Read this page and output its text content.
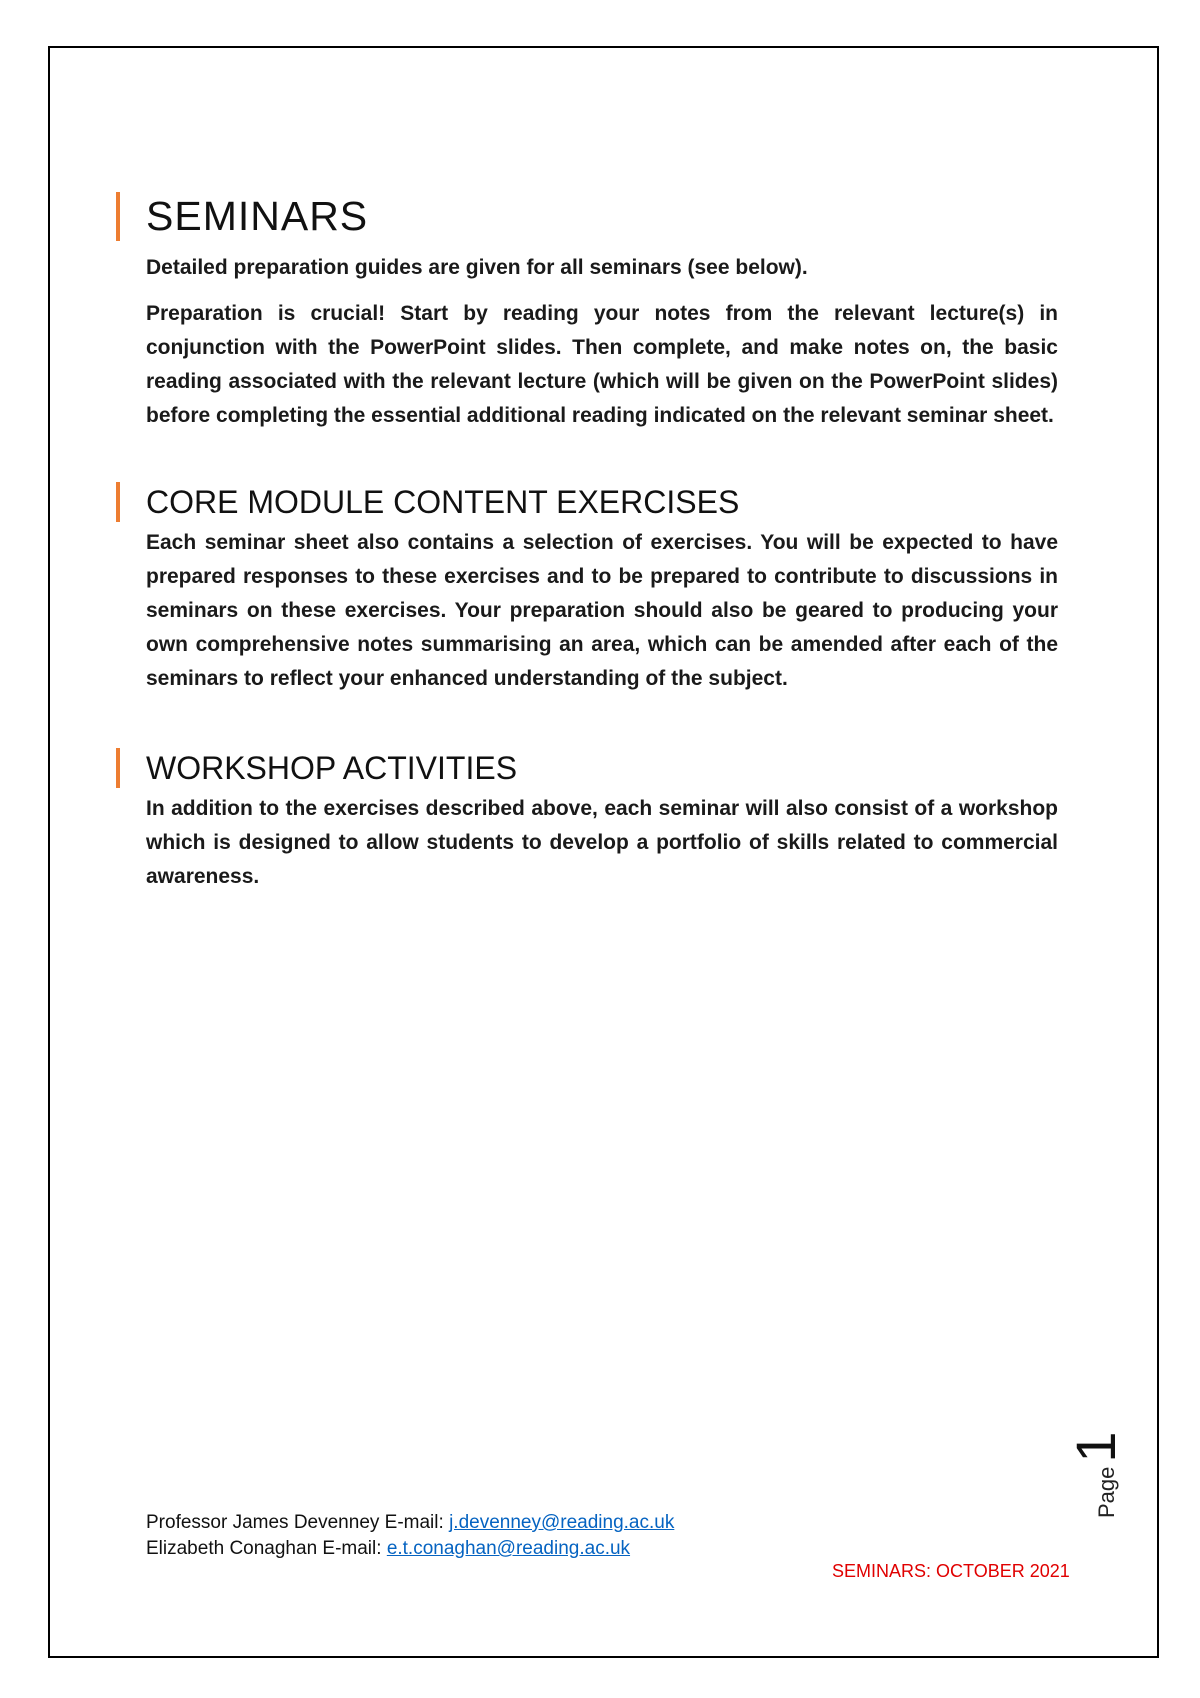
SEMINARS

Detailed preparation guides are given for all seminars (see below).

Preparation is crucial! Start by reading your notes from the relevant lecture(s) in conjunction with the PowerPoint slides. Then complete, and make notes on, the basic reading associated with the relevant lecture (which will be given on the PowerPoint slides) before completing the essential additional reading indicated on the relevant seminar sheet.

CORE MODULE CONTENT EXERCISES

Each seminar sheet also contains a selection of exercises. You will be expected to have prepared responses to these exercises and to be prepared to contribute to discussions in seminars on these exercises. Your preparation should also be geared to producing your own comprehensive notes summarising an area, which can be amended after each of the seminars to reflect your enhanced understanding of the subject.

WORKSHOP ACTIVITIES

In addition to the exercises described above, each seminar will also consist of a workshop which is designed to allow students to develop a portfolio of skills related to commercial awareness.

Page
1
Professor James Devenney E-mail: j.devenney@reading.ac.uk
Elizabeth Conaghan E-mail: e.t.conaghan@reading.ac.uk
SEMINARS: OCTOBER 2021
